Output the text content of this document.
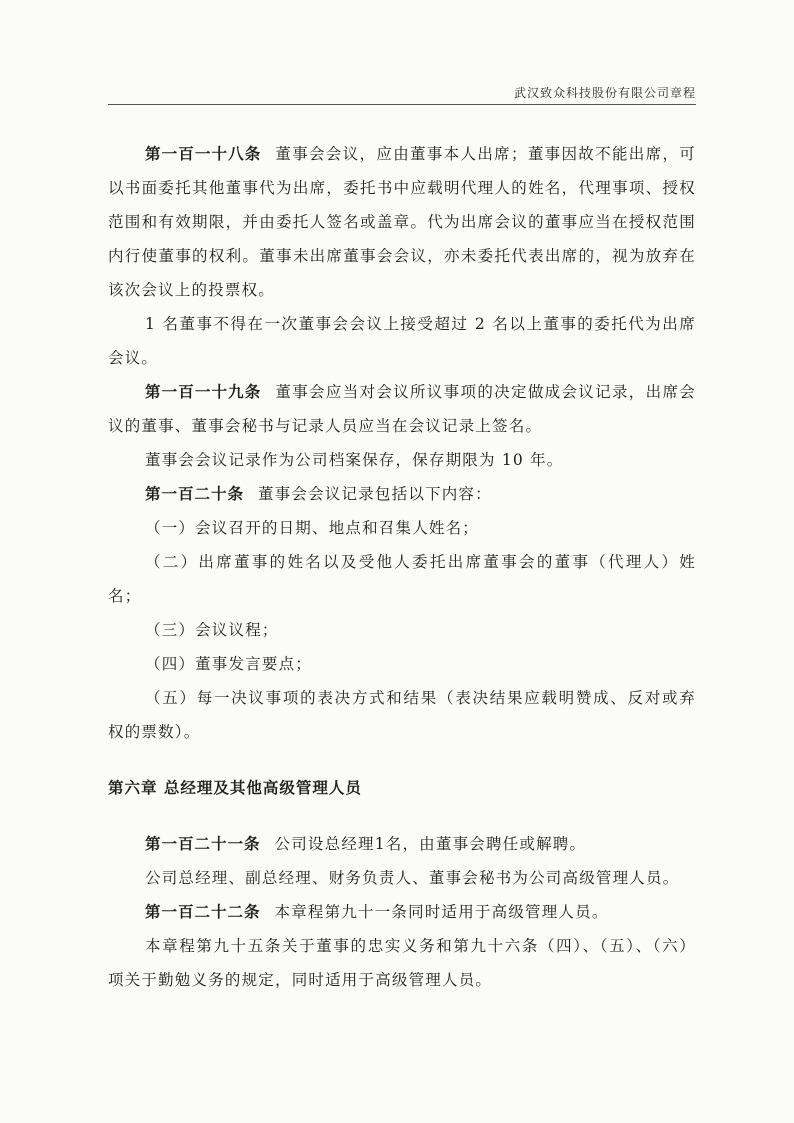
武汉致众科技股份有限公司章程

第一百一十八条 董事会会议，应由董事本人出席；董事因故不能出席，可以书面委托其他董事代为出席，委托书中应载明代理人的姓名，代理事项、授权范围和有效期限，并由委托人签名或盖章。代为出席会议的董事应当在授权范围内行使董事的权利。董事未出席董事会会议，亦未委托代表出席的，视为放弃在该次会议上的投票权。

1 名董事不得在一次董事会会议上接受超过 2 名以上董事的委托代为出席会议。

第一百一十九条 董事会应当对会议所议事项的决定做成会议记录，出席会议的董事、董事会秘书与记录人员应当在会议记录上签名。

董事会会议记录作为公司档案保存，保存期限为 10 年。

第一百二十条 董事会会议记录包括以下内容：

（一）会议召开的日期、地点和召集人姓名；

（二）出席董事的姓名以及受他人委托出席董事会的董事（代理人）姓名；

（三）会议议程；

（四）董事发言要点；

（五）每一决议事项的表决方式和结果（表决结果应载明赞成、反对或弃权的票数）。

第六章 总经理及其他高级管理人员

第一百二十一条 公司设总经理1名，由董事会聘任或解聘。

公司总经理、副总经理、财务负责人、董事会秘书为公司高级管理人员。

第一百二十二条 本章程第九十一条同时适用于高级管理人员。

本章程第九十五条关于董事的忠实义务和第九十六条（四）、（五）、（六）项关于勤勉义务的规定，同时适用于高级管理人员。
